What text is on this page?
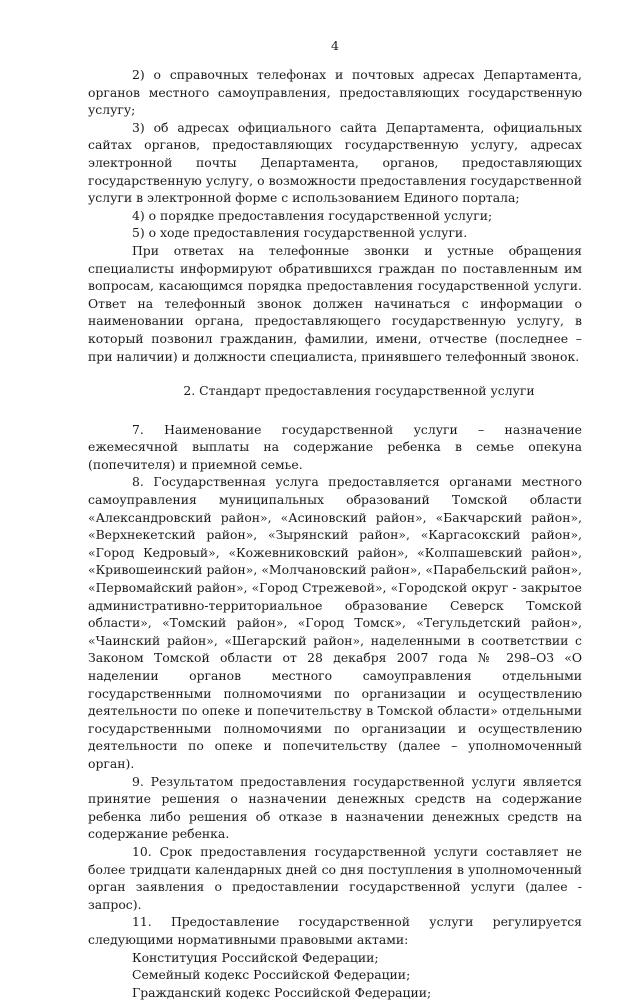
4

2) о справочных телефонах и почтовых адресах Департамента, органов местного самоуправления, предоставляющих государственную услугу;

3) об адресах официального сайта Департамента, официальных сайтах органов, предоставляющих государственную услугу, адресах электронной почты Департамента, органов, предоставляющих государственную услугу, о возможности предоставления государственной услуги в электронной форме с использованием Единого портала;

4) о порядке предоставления государственной услуги;

5) о ходе предоставления государственной услуги.

При ответах на телефонные звонки и устные обращения специалисты информируют обратившихся граждан по поставленным им вопросам, касающимся порядка предоставления государственной услуги. Ответ на телефонный звонок должен начинаться с информации о наименовании органа, предоставляющего государственную услугу, в который позвонил гражданин, фамилии, имени, отчестве (последнее – при наличии) и должности специалиста, принявшего телефонный звонок.

2. Стандарт предоставления государственной услуги

7. Наименование государственной услуги – назначение ежемесячной выплаты на содержание ребенка в семье опекуна (попечителя) и приемной семье.

8. Государственная услуга предоставляется органами местного самоуправления муниципальных образований Томской области «Александровский район», «Асиновский район», «Бакчарский район», «Верхнекетский район», «Зырянский район», «Каргасокский район», «Город Кедровый», «Кожевниковский район», «Колпашевский район», «Кривошеинский район», «Молчановский район», «Парабельский район», «Первомайский район», «Город Стрежевой», «Городской округ - закрытое административно-территориальное образование Северск Томской области», «Томский район», «Город Томск», «Тегульдетский район», «Чаинский район», «Шегарский район», наделенными в соответствии с Законом Томской области от 28 декабря 2007 года № 298–ОЗ «О наделении органов местного самоуправления отдельными государственными полномочиями по организации и осуществлению деятельности по опеке и попечительству в Томской области» отдельными государственными полномочиями по организации и осуществлению деятельности по опеке и попечительству (далее – уполномоченный орган).

9. Результатом предоставления государственной услуги является принятие решения о назначении денежных средств на содержание ребенка либо решения об отказе в назначении денежных средств на содержание ребенка.

10. Срок предоставления государственной услуги составляет не более тридцати календарных дней со дня поступления в уполномоченный орган заявления о предоставлении государственной услуги (далее - запрос).

11. Предоставление государственной услуги регулируется следующими нормативными правовыми актами:

Конституция Российской Федерации;

Семейный кодекс Российской Федерации;

Гражданский кодекс Российской Федерации;
